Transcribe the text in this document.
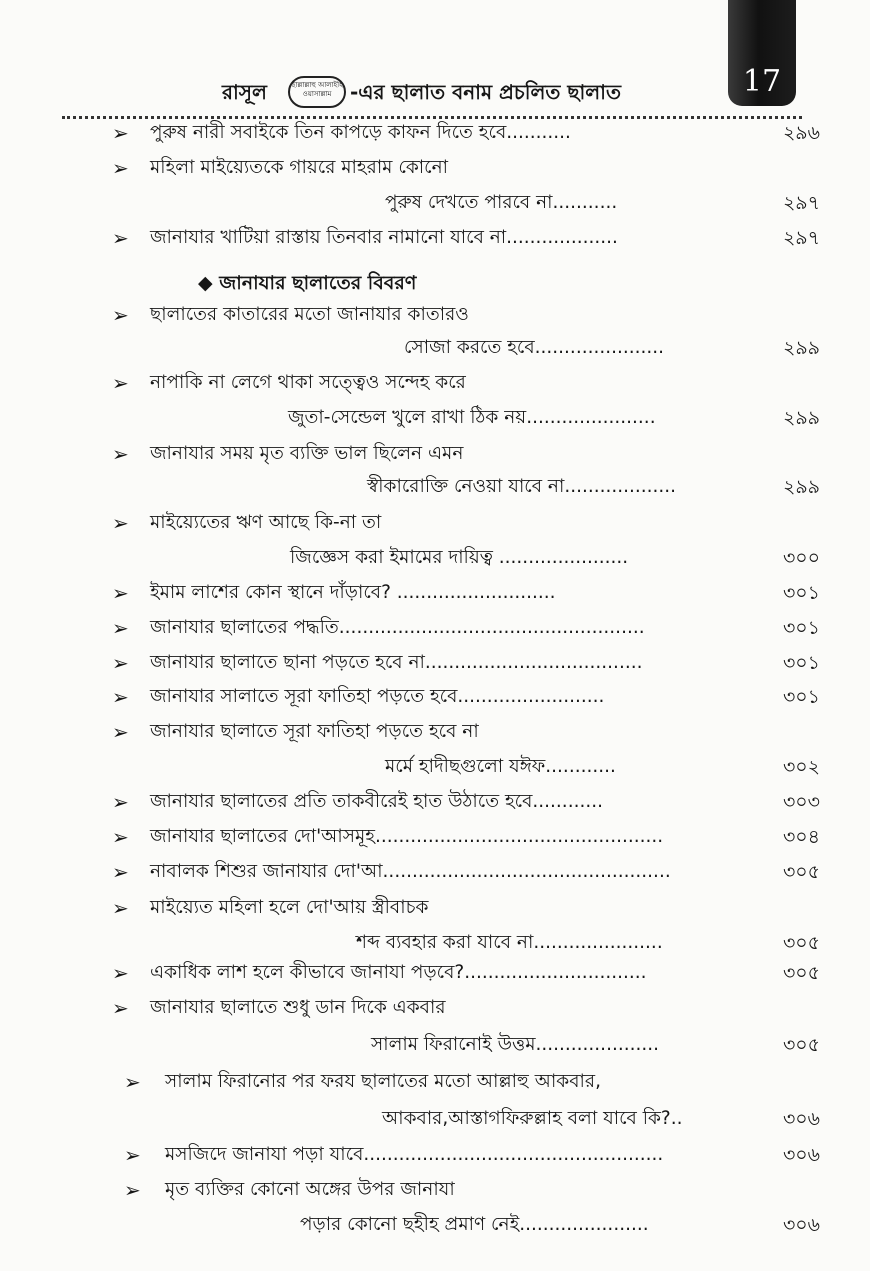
17
রাসূল	ছাল্লাল্লাহু আলাইহি ওয়াসাল্লাম -এর ছালাত বনাম প্রচলিত ছালাত
◆ জানাযার ছালাতের বিবরণ
➢ পুরুষ নারী সবাইকে তিন কাপড়ে কাফন দিতে হবে...........	২৯৬
➢ মহিলা মাইয়্যেতকে গায়রে মাহরাম কোনো
পুরুষ দেখতে পারবে না...........	২৯৭
➢ জানাযার খাটিয়া রাস্তায় তিনবার নামানো যাবে না...................	২৯৭
➢ ছালাতের কাতারের মতো জানাযার কাতারও
সোজা করতে হবে......................	২৯৯
➢ নাপাকি না লেগে থাকা সত্ত্বেও সন্দেহ করে
জুতা-সেন্ডেল খুলে রাখা ঠিক নয়......................	২৯৯
➢ জানাযার সময় মৃত ব্যক্তি ভাল ছিলেন এমন
স্বীকারোক্তি নেওয়া যাবে না...................	২৯৯
➢ মাইয়্যেতের ঋণ আছে কি-না তা
জিজ্ঞেস করা ইমামের দায়িত্ব ......................	৩০০
➢ ইমাম লাশের কোন স্থানে দাঁড়াবে? ...........................	৩০১
➢ জানাযার ছালাতের পদ্ধতি....................................................	৩০১
➢ জানাযার ছালাতে ছানা পড়তে হবে না.....................................	৩০১
➢ জানাযার সালাতে সূরা ফাতিহা পড়তে হবে.........................	৩০১
➢ জানাযার ছালাতে সূরা ফাতিহা পড়তে হবে না
মর্মে হাদীছগুলো যঈফ............	৩০২
➢ জানাযার ছালাতের প্রতি তাকবীরেই হাত উঠাতে হবে............	৩০৩
➢ জানাযার ছালাতের দো'আসমূহ.................................................	৩০৪
➢ নাবালক শিশুর জানাযার দো'আ.................................................	৩০৫
➢ মাইয়্যেত মহিলা হলে দো'আয় স্ত্রীবাচক
শব্দ ব্যবহার করা যাবে না......................	৩০৫
➢ একাধিক লাশ হলে কীভাবে জানাযা পড়বে?...............................	৩০৫
➢ জানাযার ছালাতে শুধু ডান দিকে একবার
সালাম ফিরানোই উত্তম.....................	৩০৫
➢ সালাম ফিরানোর পর ফরয ছালাতের মতো আল্লাহু আকবার,
আকবার,আস্তাগফিরুল্লাহ বলা যাবে কি?..	৩০৬
➢ মসজিদে জানাযা পড়া যাবে...................................................	৩০৬
➢ মৃত ব্যক্তির কোনো অঙ্গের উপর জানাযা
পড়ার কোনো ছহীহ প্রমাণ নেই......................	৩০৬
